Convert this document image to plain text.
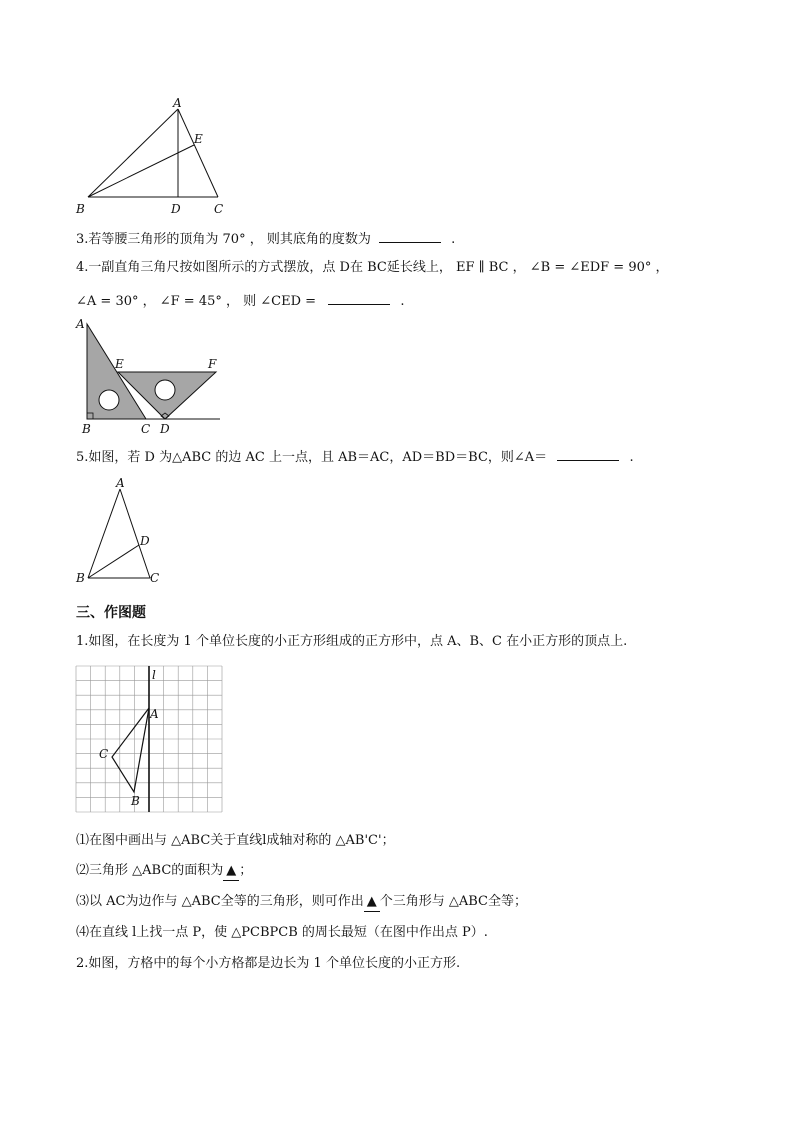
A
E
B	D	C
3.若等腰三角形的顶角为 70° ， 则其底角的度数为	.
4.一副直角三角尺按如图所示的方式摆放，点 D在 BC延长线上， EF ∥ BC ， ∠B = ∠EDF = 90° ，
∠A = 30° ， ∠F = 45° ， 则 ∠CED =	.
A
E	F
B	C D
5.如图，若 D 为△ABC 的边 AC 上一点，且 AB＝AC，AD＝BD＝BC，则∠A＝	.
A
D
B	C
三、作图题
1.如图，在长度为 1 个单位长度的小正方形组成的正方形中，点 A、B、C 在小正方形的顶点上.
l
A
C
B
⑴在图中画出与 △ABC关于直线l成轴对称的 △AB'C'；
⑵三角形 △ABC的面积为 ▲ ；
⑶以 AC为边作与 △ABC全等的三角形，则可作出 ▲ 个三角形与 △ABC全等；
⑷在直线 l上找一点 P，使 △PCBPCB 的周长最短（在图中作出点 P）.
2.如图，方格中的每个小方格都是边长为 1 个单位长度的小正方形.
